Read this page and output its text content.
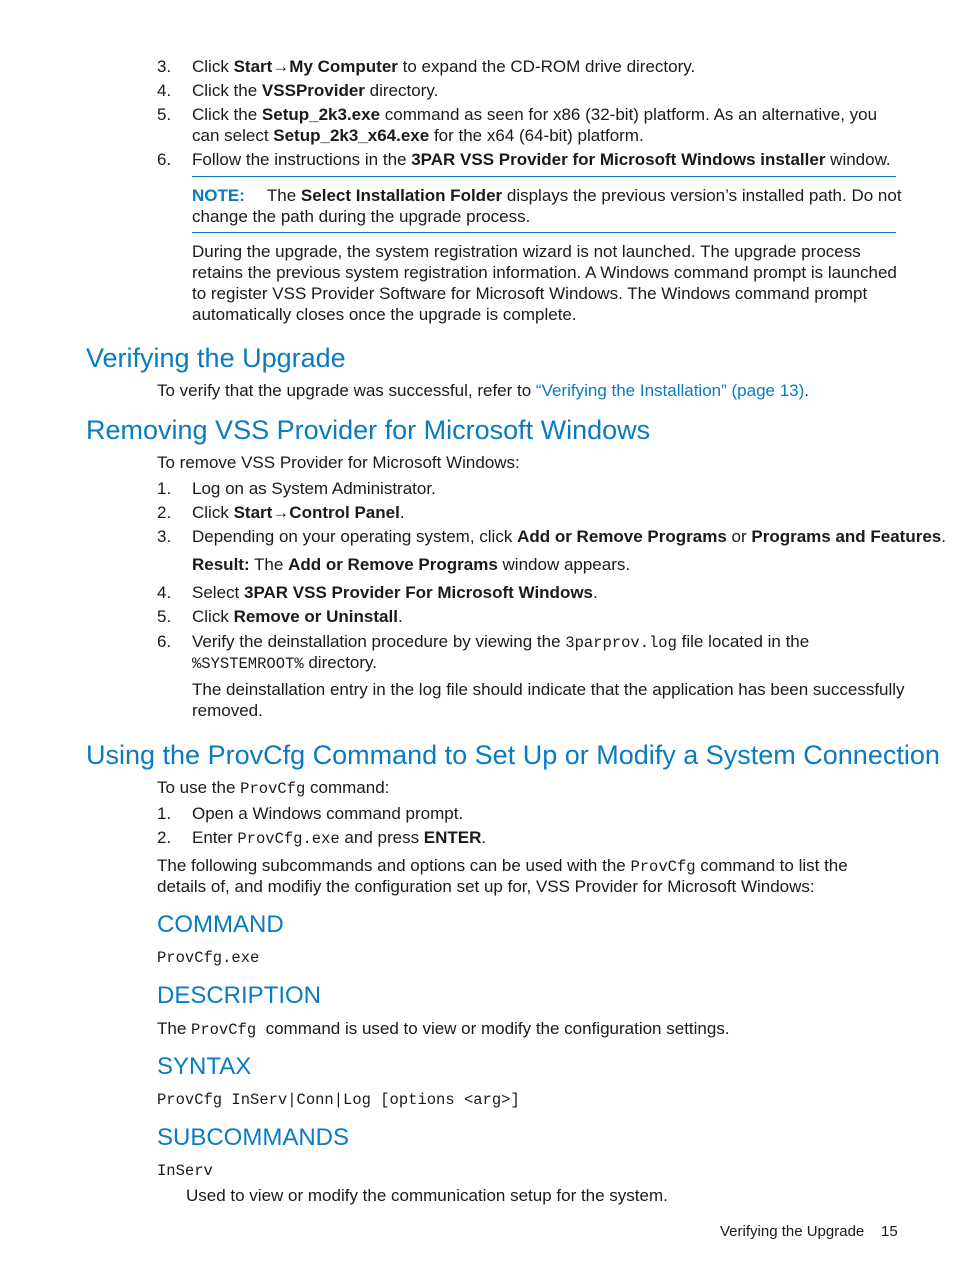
3. Click Start→My Computer to expand the CD-ROM drive directory.
4. Click the VSSProvider directory.
5. Click the Setup_2k3.exe command as seen for x86 (32-bit) platform. As an alternative, you
can select Setup_2k3_x64.exe for the x64 (64-bit) platform.
6. Follow the instructions in the 3PAR VSS Provider for Microsoft Windows installer window.
NOTE: The Select Installation Folder displays the previous version’s installed path. Do not
change the path during the upgrade process.
During the upgrade, the system registration wizard is not launched. The upgrade process
retains the previous system registration information. A Windows command prompt is launched
to register VSS Provider Software for Microsoft Windows. The Windows command prompt
automatically closes once the upgrade is complete.
Verifying the Upgrade
To verify that the upgrade was successful, refer to “Verifying the Installation” (page 13).
Removing VSS Provider for Microsoft Windows
To remove VSS Provider for Microsoft Windows:
1. Log on as System Administrator.
2. Click Start→Control Panel.
3. Depending on your operating system, click Add or Remove Programs or Programs and Features.
Result: The Add or Remove Programs window appears.
4. Select 3PAR VSS Provider For Microsoft Windows.
5. Click Remove or Uninstall.
6. Verify the deinstallation procedure by viewing the 3parprov.log file located in the
%SYSTEMROOT% directory.
The deinstallation entry in the log file should indicate that the application has been successfully
removed.
Using the ProvCfg Command to Set Up or Modify a System Connection
To use the ProvCfg command:
1. Open a Windows command prompt.
2. Enter ProvCfg.exe and press ENTER.
The following subcommands and options can be used with the ProvCfg command to list the
details of, and modifiy the configuration set up for, VSS Provider for Microsoft Windows:
COMMAND
ProvCfg.exe
DESCRIPTION
The ProvCfg  command is used to view or modify the configuration settings.
SYNTAX
ProvCfg InServ|Conn|Log [options <arg>]
SUBCOMMANDS
InServ
Used to view or modify the communication setup for the system.
Verifying the Upgrade 15
